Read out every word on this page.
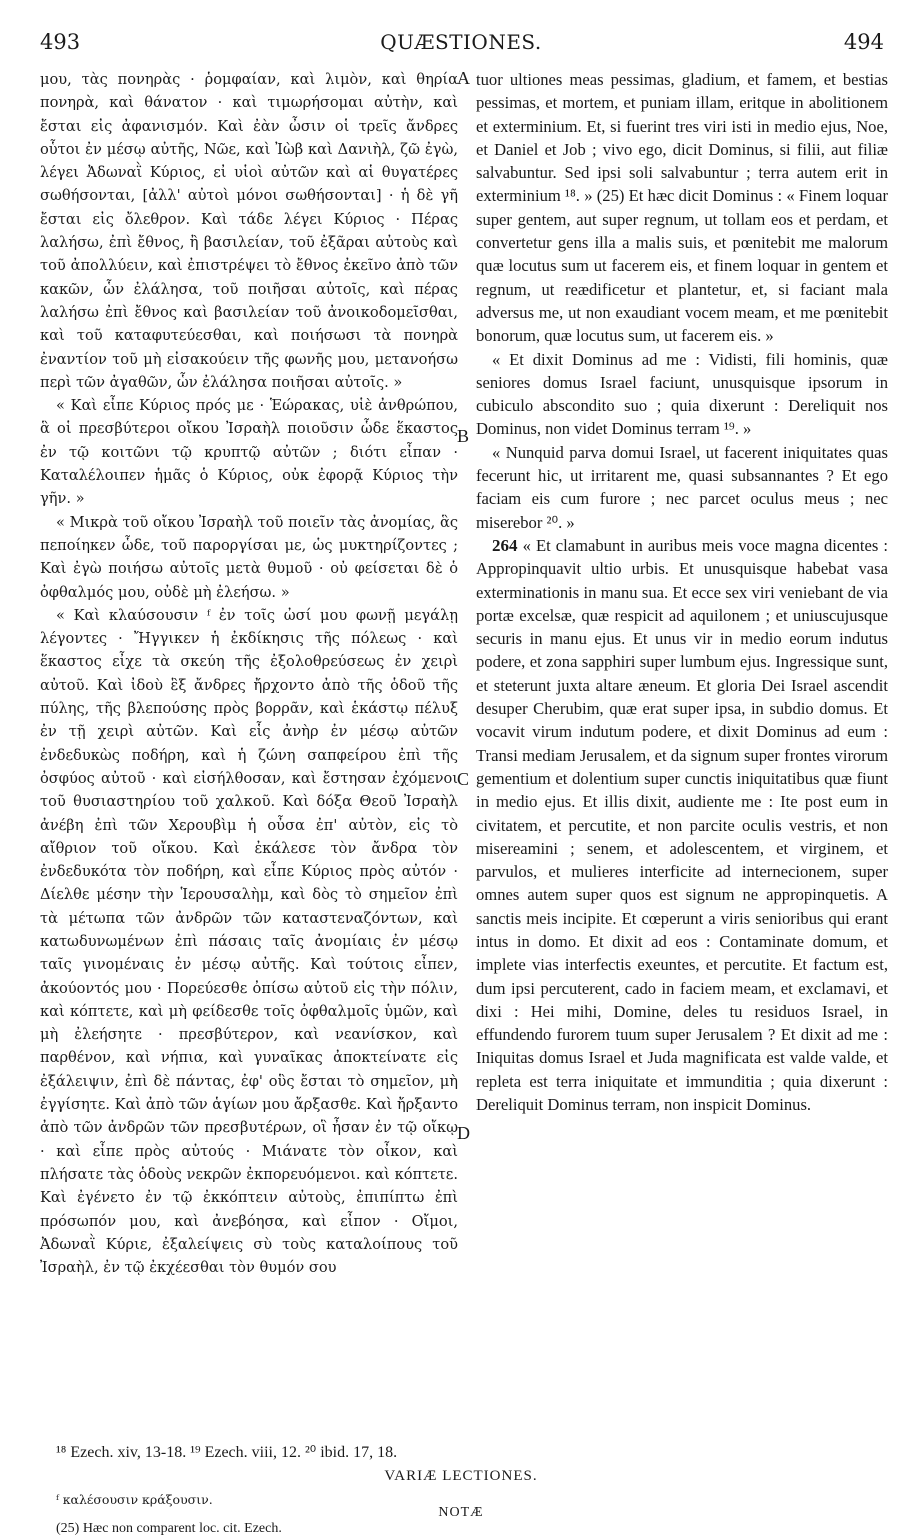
493	QUÆSTIONES.	494

μου, τὰς πονηρὰς · ῥομφαίαν, καὶ λιμὸν, καὶ θηρία πονηρὰ, καὶ θάνατον · καὶ τιμωρήσομαι αὐτὴν, καὶ ἔσται εἰς ἀφανισμόν. Καὶ ἐὰν ὦσιν οἱ τρεῖς ἄνδρες οὗτοι ἐν μέσῳ αὐτῆς, Νῶε, καὶ Ἰὼβ καὶ Δανιὴλ, ζῶ ἐγὼ, λέγει Ἀδωναῒ Κύριος, εἰ υἱοὶ αὐτῶν καὶ αἱ θυγατέρες σωθήσονται, [ἀλλ' αὐτοὶ μόνοι σωθήσονται] · ἡ δὲ γῆ ἔσται εἰς ὄλεθρον. Καὶ τάδε λέγει Κύριος · Πέρας λαλήσω, ἐπὶ ἔθνος, ἢ βασιλείαν, τοῦ ἐξᾶραι αὐτοὺς καὶ τοῦ ἀπολλύειν, καὶ ἐπιστρέψει τὸ ἔθνος ἐκεῖνο ἀπὸ τῶν κακῶν, ὧν ἐλάλησα, τοῦ ποιῆσαι αὐτοῖς, καὶ πέρας λαλήσω ἐπὶ ἔθνος καὶ βασιλείαν τοῦ ἀνοικοδομεῖσθαι, καὶ τοῦ καταφυτεύεσθαι, καὶ ποιήσωσι τὰ πονηρὰ ἐναντίον τοῦ μὴ εἰσακούειν τῆς φωνῆς μου, μετανοήσω περὶ τῶν ἀγαθῶν, ὧν ἐλάλησα ποιῆσαι αὐτοῖς. »

« Καὶ εἶπε Κύριος πρός με · Ἑώρακας, υἱὲ ἀνθρώπου, ἃ οἱ πρεσβύτεροι οἴκου Ἰσραὴλ ποιοῦσιν ὧδε ἕκαστος ἐν τῷ κοιτῶνι τῷ κρυπτῷ αὐτῶν ; διότι εἶπαν · Καταλέλοιπεν ἡμᾶς ὁ Κύριος, οὐκ ἐφορᾷ Κύριος τὴν γῆν. »

« Μικρὰ τοῦ οἴκου Ἰσραὴλ τοῦ ποιεῖν τὰς ἀνομίας, ἃς πεποίηκεν ὧδε, τοῦ παροργίσαι με, ὡς μυκτηρίζοντες ; Καὶ ἐγὼ ποιήσω αὐτοῖς μετὰ θυμοῦ · οὐ φείσεται δὲ ὁ ὀφθαλμός μου, οὐδὲ μὴ ἐλεήσω. »

« Καὶ κλαύσουσιν ᶠ ἐν τοῖς ὠσί μου φωνῇ μεγάλῃ λέγοντες · Ἤγγικεν ἡ ἐκδίκησις τῆς πόλεως · καὶ ἕκαστος εἶχε τὰ σκεύη τῆς ἐξολοθρεύσεως ἐν χειρὶ αὐτοῦ. Καὶ ἰδοὺ ἓξ ἄνδρες ἤρχοντο ἀπὸ τῆς ὁδοῦ τῆς πύλης, τῆς βλεπούσης πρὸς βορρᾶν, καὶ ἑκάστῳ πέλυξ ἐν τῇ χειρὶ αὐτῶν. Καὶ εἷς ἀνὴρ ἐν μέσῳ αὐτῶν ἐνδεδυκὼς ποδήρη, καὶ ἡ ζώνη σαπφείρου ἐπὶ τῆς ὀσφύος αὐτοῦ · καὶ εἰσήλθοσαν, καὶ ἔστησαν ἐχόμενοι τοῦ θυσιαστηρίου τοῦ χαλκοῦ. Καὶ δόξα Θεοῦ Ἰσραὴλ ἀνέβη ἐπὶ τῶν Χερουβὶμ ἡ οὖσα ἐπ' αὐτὸν, εἰς τὸ αἴθριον τοῦ οἴκου. Καὶ ἐκάλεσε τὸν ἄνδρα τὸν ἐνδεδυκότα τὸν ποδήρη, καὶ εἶπε Κύριος πρὸς αὐτόν · Δίελθε μέσην τὴν Ἱερουσαλὴμ, καὶ δὸς τὸ σημεῖον ἐπὶ τὰ μέτωπα τῶν ἀνδρῶν τῶν καταστεναζόντων, καὶ κατωδυνωμένων ἐπὶ πάσαις ταῖς ἀνομίαις ἐν μέσῳ ταῖς γινομέναις ἐν μέσῳ αὐτῆς. Καὶ τούτοις εἶπεν, ἀκούοντός μου · Πορεύεσθε ὀπίσω αὐτοῦ εἰς τὴν πόλιν, καὶ κόπτετε, καὶ μὴ φείδεσθε τοῖς ὀφθαλμοῖς ὑμῶν, καὶ μὴ ἐλεήσητε · πρεσβύτερον, καὶ νεανίσκον, καὶ παρθένον, καὶ νήπια, καὶ γυναῖκας ἀποκτείνατε εἰς ἐξάλειψιν, ἐπὶ δὲ πάντας, ἐφ' οὓς ἔσται τὸ σημεῖον, μὴ ἐγγίσητε. Καὶ ἀπὸ τῶν ἁγίων μου ἄρξασθε. Καὶ ἤρξαντο ἀπὸ τῶν ἀνδρῶν τῶν πρεσβυτέρων, οἳ ἦσαν ἐν τῷ οἴκῳ · καὶ εἶπε πρὸς αὐτούς · Μιάνατε τὸν οἶκον, καὶ πλήσατε τὰς ὁδοὺς νεκρῶν ἐκπορευόμενοι. καὶ κόπτετε. Καὶ ἐγένετο ἐν τῷ ἐκκόπτειν αὐτοὺς, ἐπιπίπτω ἐπὶ πρόσωπόν μου, καὶ ἀνεβόησα, καὶ εἶπον · Οἴμοι, Ἀδωναῒ Κύριε, ἐξαλείψεις σὺ τοὺς καταλοίπους τοῦ Ἰσραὴλ, ἐν τῷ ἐκχέεσθαι τὸν θυμόν σου

tuor ultiones meas pessimas, gladium, et famem, et bestias pessimas, et mortem, et puniam illam, eritque in abolitionem et exterminium. Et, si fuerint tres viri isti in medio ejus, Noe, et Daniel et Job ; vivo ego, dicit Dominus, si filii, aut filiæ salvabuntur. Sed ipsi soli salvabuntur ; terra autem erit in exterminium ¹⁸. » (25) Et hæc dicit Dominus : « Finem loquar super gentem, aut super regnum, ut tollam eos et perdam, et convertetur gens illa a malis suis, et pœnitebit me malorum quæ locutus sum ut facerem eis, et finem loquar in gentem et regnum, ut reædificetur et plantetur, et, si faciant mala adversus me, ut non exaudiant vocem meam, et me pœnitebit bonorum, quæ locutus sum, ut facerem eis. »

« Et dixit Dominus ad me : Vidisti, fili hominis, quæ seniores domus Israel faciunt, unusquisque ipsorum in cubiculo abscondito suo ; quia dixerunt : Dereliquit nos Dominus, non videt Dominus terram ¹⁹. »

« Nunquid parva domui Israel, ut facerent iniquitates quas fecerunt hic, ut irritarent me, quasi subsannantes ? Et ego faciam eis cum furore ; nec parcet oculus meus ; nec miserebor ²⁰. »

264 « Et clamabunt in auribus meis voce magna dicentes : Appropinquavit ultio urbis. Et unusquisque habebat vasa exterminationis in manu sua. Et ecce sex viri veniebant de via portæ excelsæ, quæ respicit ad aquilonem ; et uniuscujusque securis in manu ejus. Et unus vir in medio eorum indutus podere, et zona sapphiri super lumbum ejus. Ingressique sunt, et steterunt juxta altare æneum. Et gloria Dei Israel ascendit desuper Cherubim, quæ erat super ipsa, in subdio domus. Et vocavit virum indutum podere, et dixit Dominus ad eum : Transi mediam Jerusalem, et da signum super frontes virorum gementium et dolentium super cunctis iniquitatibus quæ fiunt in medio ejus. Et illis dixit, audiente me : Ite post eum in civitatem, et percutite, et non parcite oculis vestris, et non misereamini ; senem, et adolescentem, et virginem, et parvulos, et mulieres interficite ad internecionem, super omnes autem super quos est signum ne appropinquetis. A sanctis meis incipite. Et cœperunt a viris senioribus qui erant intus in domo. Et dixit ad eos : Contaminate domum, et implete vias interfectis exeuntes, et percutite. Et factum est, dum ipsi percuterent, cado in faciem meam, et exclamavi, et dixi : Hei mihi, Domine, deles tu residuos Israel, in effundendo furorem tuum super Jerusalem ? Et dixit ad me : Iniquitas domus Israel et Juda magnificata est valde valde, et repleta est terra iniquitate et immunditia ; quia dixerunt : Dereliquit Dominus terram, non inspicit Dominus.

A
B
C
D
¹⁸ Ezech. xiv, 13-18. ¹⁹ Ezech. viii, 12. ²⁰ ibid. 17, 18.
VARIÆ LECTIONES.
ᶠ καλέσουσιν κράξουσιν.
NOTÆ
(25) Hæc non comparent loc. cit. Ezech.
